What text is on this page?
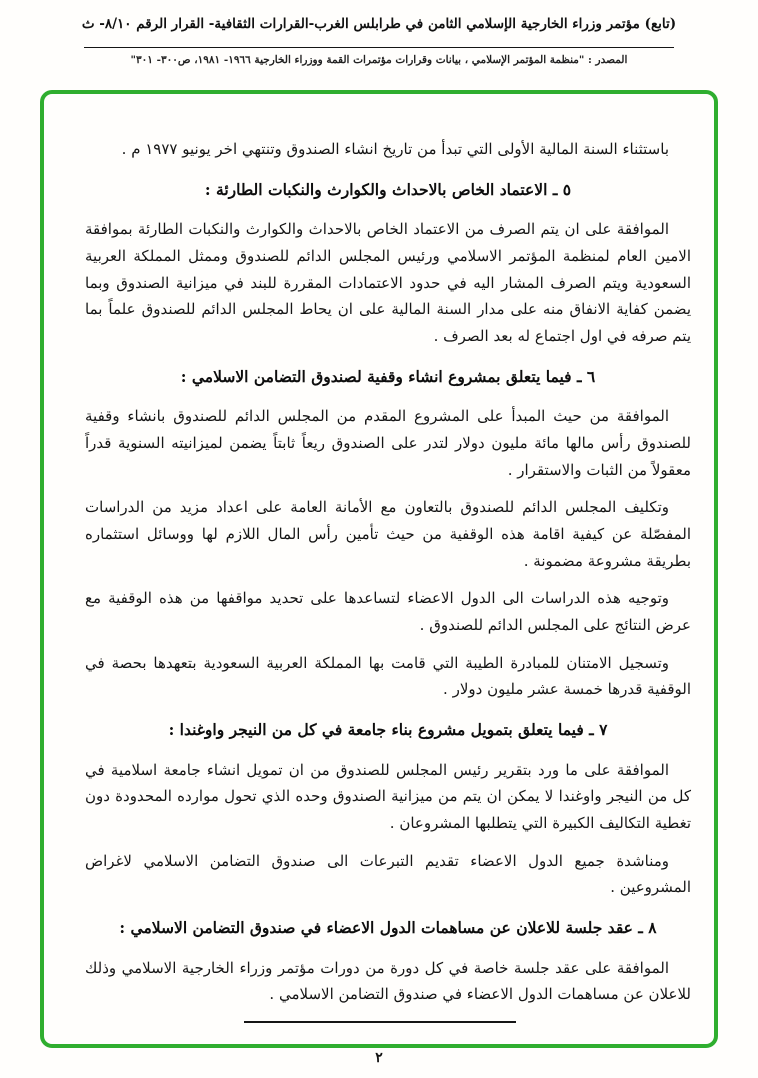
(تابع) مؤتمر وزراء الخارجية الإسلامي الثامن في طرابلس الغرب-القرارات الثقافية- القرار الرقم ٨/١٠- ث
المصدر : "منظمة المؤتمر الإسلامي ، بيانات وقرارات مؤتمرات القمة ووزراء الخارجية ١٩٦٦- ١٩٨١، ص٣٠٠- ٣٠١"

باستثناء السنة المالية الأولى التي تبدأ من تاريخ انشاء الصندوق وتنتهي اخر يونيو ١٩٧٧ م .

٥ ـ الاعتماد الخاص بالاحداث والكوارث والنكبات الطارئة :

الموافقة على ان يتم الصرف من الاعتماد الخاص بالاحداث والكوارث والنكبات الطارئة بموافقة الامين العام لمنظمة المؤتمر الاسلامي ورئيس المجلس الدائم للصندوق وممثل المملكة العربية السعودية ويتم الصرف المشار اليه في حدود الاعتمادات المقررة للبند في ميزانية الصندوق وبما يضمن كفاية الانفاق منه على مدار السنة المالية على ان يحاط المجلس الدائم للصندوق علماً بما يتم صرفه في اول اجتماع له بعد الصرف .

٦ ـ فيما يتعلق بمشروع انشاء وقفية لصندوق التضامن الاسلامي :

الموافقة من حيث المبدأ على المشروع المقدم من المجلس الدائم للصندوق بانشاء وقفية للصندوق رأس مالها مائة مليون دولار لتدر على الصندوق ريعاً ثابتاً يضمن لميزانيته السنوية قدراً معقولاً من الثبات والاستقرار .

وتكليف المجلس الدائم للصندوق بالتعاون مع الأمانة العامة على اعداد مزيد من الدراسات المفصّلة عن كيفية اقامة هذه الوقفية من حيث تأمين رأس المال اللازم لها ووسائل استثماره بطريقة مشروعة مضمونة .

وتوجيه هذه الدراسات الى الدول الاعضاء لتساعدها على تحديد مواقفها من هذه الوقفية مع عرض النتائج على المجلس الدائم للصندوق .

وتسجيل الامتنان للمبادرة الطيبة التي قامت بها المملكة العربية السعودية بتعهدها بحصة في الوقفية قدرها خمسة عشر مليون دولار .

٧ ـ فيما يتعلق بتمويل مشروع بناء جامعة في كل من النيجر واوغندا :

الموافقة على ما ورد بتقرير رئيس المجلس للصندوق من ان تمويل انشاء جامعة اسلامية في كل من النيجر واوغندا لا يمكن ان يتم من ميزانية الصندوق وحده الذي تحول موارده المحدودة دون تغطية التكاليف الكبيرة التي يتطلبها المشروعان .

ومناشدة جميع الدول الاعضاء تقديم التبرعات الى صندوق التضامن الاسلامي لاغراض المشروعين .

٨ ـ عقد جلسة للاعلان عن مساهمات الدول الاعضاء في صندوق التضامن الاسلامي :

الموافقة على عقد جلسة خاصة في كل دورة من دورات مؤتمر وزراء الخارجية الاسلامي وذلك للاعلان عن مساهمات الدول الاعضاء في صندوق التضامن الاسلامي .

٢
